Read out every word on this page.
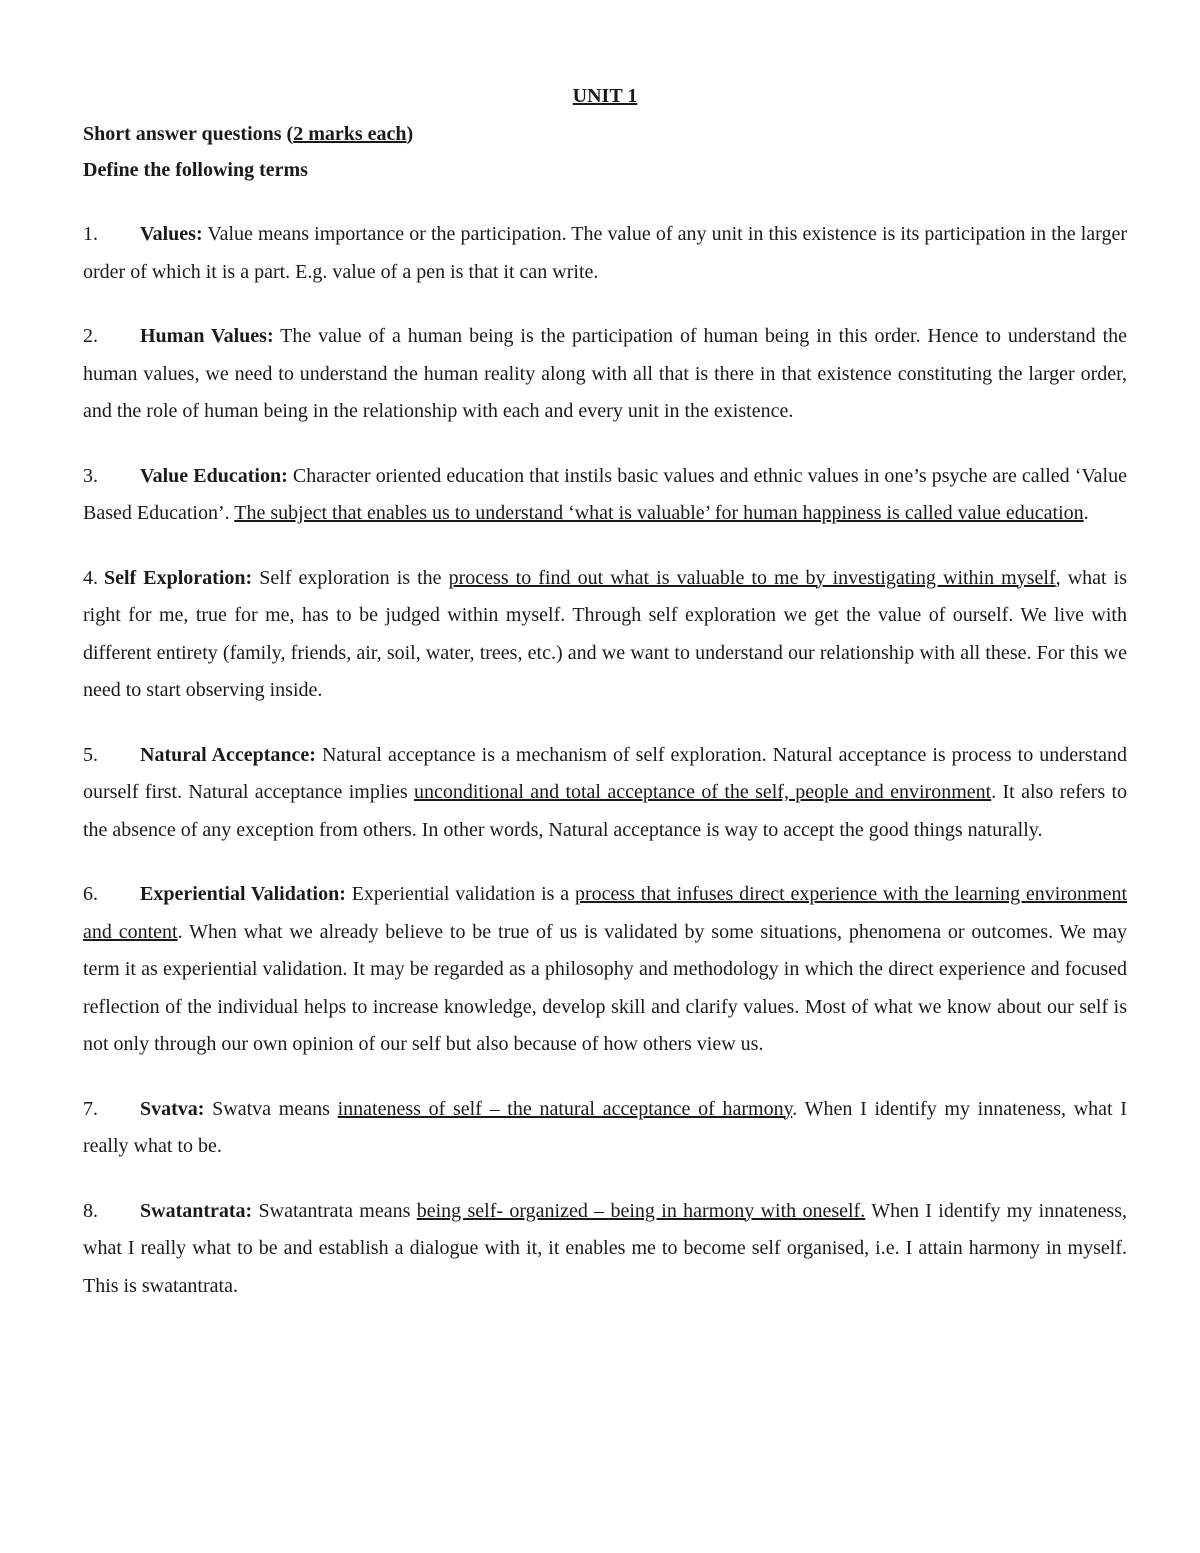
UNIT 1

Short answer questions (2 marks each)

Define the following terms

1. Values: Value means importance or the participation. The value of any unit in this existence is its participation in the larger order of which it is a part. E.g. value of a pen is that it can write.

2. Human Values: The value of a human being is the participation of human being in this order. Hence to understand the human values, we need to understand the human reality along with all that is there in that existence constituting the larger order, and the role of human being in the relationship with each and every unit in the existence.

3. Value Education: Character oriented education that instils basic values and ethnic values in one’s psyche are called ‘Value Based Education’. The subject that enables us to understand ‘what is valuable’ for human happiness is called value education.

4. Self Exploration: Self exploration is the process to find out what is valuable to me by investigating within myself, what is right for me, true for me, has to be judged within myself. Through self exploration we get the value of ourself. We live with different entirety (family, friends, air, soil, water, trees, etc.) and we want to understand our relationship with all these. For this we need to start observing inside.

5. Natural Acceptance: Natural acceptance is a mechanism of self exploration. Natural acceptance is process to understand ourself first. Natural acceptance implies unconditional and total acceptance of the self, people and environment. It also refers to the absence of any exception from others. In other words, Natural acceptance is way to accept the good things naturally.

6. Experiential Validation: Experiential validation is a process that infuses direct experience with the learning environment and content. When what we already believe to be true of us is validated by some situations, phenomena or outcomes. We may term it as experiential validation. It may be regarded as a philosophy and methodology in which the direct experience and focused reflection of the individual helps to increase knowledge, develop skill and clarify values. Most of what we know about our self is not only through our own opinion of our self but also because of how others view us.

7. Svatva: Swatva means innateness of self – the natural acceptance of harmony. When I identify my innateness, what I really what to be.

8. Swatantrata: Swatantrata means being self- organized – being in harmony with oneself. When I identify my innateness, what I really what to be and establish a dialogue with it, it enables me to become self organised, i.e. I attain harmony in myself. This is swatantrata.
